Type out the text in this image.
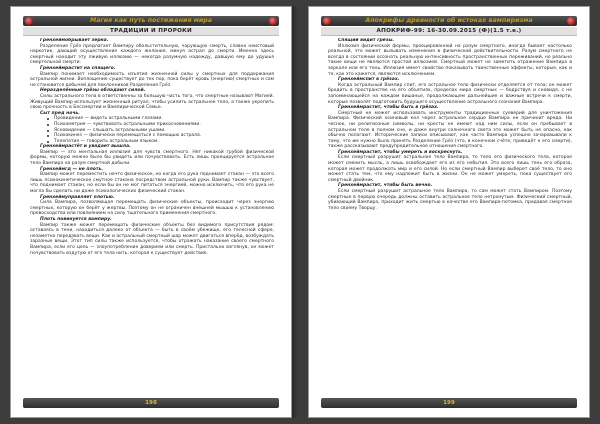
Магия как путь постижения мира
ТРАДИЦИИ И ПРОРОКИ

Гренхеймобрывает зёрна.

Разделение Грёз предлагает Вампиру обольстительную, чарующую смерть, славно неистовый наркотик, дающий осуществление каждого желания, минуя астрал до смерти. Именно здесь смертный находит эту лживую иллюзию — некогда разумную надежду, давшую ему до удушья смертельной смерти.

Гренхеймрастит на спящего.

Вампир понимает необходимость изъятия жизненной силы у смертных для поддержания астральной жизни. Воплощение существует до тех пор, пока берёт кровь (энергию) смертных и сам не становится добычей для поклонников Разделения Грёз.

Неразделённые грёзы обладают силой.

Силы астрального тела в ответственны за большую часть того, что смертные называют Магией. Живущий Вампир использует жизненный ритуал, чтобы усилить астральное тело, а также укрепить свою прочность в Бессмертии и Вампирической Семье.

Сыт пред ночь.

Провидение — видеть астральными глазами.
Психометрия — чувствовать астральными прикосновениями.
Ясновидение — слышать астральными ушами.
Психокинез — физически перемещаться с помощью астрала.
Телепатия — говорить астральным языком.

Гренхеймрастёт и увядает вышла.

Вампир — это ментальная иллюзия для чувств смертного. Нет никакой грубой физической формы, которую можно было бы увидеть или почувствовать. Есть лишь проецируется астральное тело Вампира на разум смертной добычи.

Гренхеймгд — не плоть.

Вампир может переместить нечто физическое, но когда его рука поднимает стакан — это всего лишь психокинетическое смутное стакана посредством астральной руки. Вампир также чувствует, что поднимает стакан, но если бы он не мог питаться энергией, можно исключить, что его рука не могла бы сделать ни даже психологических физический стакан.

Гренхеймуправляет плотью.

Сила Вампира, позволяющая перемещать физические объекты, происходит через энергию смертных, которую он берёт у жертвы. Поэтому он не ограничен внешней мышью к установлению превосходства или повлиянием на силу тщательного применения смертного.

Плоть повинуется вампиру.

Вампир также может перемещать физические объекты без видимого присутствия рядом: оставаясь в тени, находиться далеко от объекта — быть в своём убежище, его телесной сфере, незаметно передавать вещи. Как и астральный смертный шар может двигаться вперёд, возбуждать заразные вещи. Этот тип силы также используется, чтобы отражать наказание своего смертного Вампира, если его цель — злоупотребление доверием или смерть. Пристально взглянув, он может почувствовать вздутую от его тела нить, которая к существует действие.

198
Апокрифы древности об истоках вампиризма
АПОКРИФ-99: 16-30.09.2015 (Ф)(1.5 т.е.)

Спящий видит грёзы.

Иллюзия физической формы, проецированной на разум смертного, иногда бывает настолько реальной, что может вызывать изменения в физической действительности. Разум смертного не всегда в состоянии осознать реальную интенсивность пространственных переживаний, но реально такие вещи не являются простой иллюзией. Смертный может не заметить отражение Вампира в зеркале или его тень. Иллюзия имеет свойство показывать таинственные эффекты, которые, как и те, как это кажется, являются исключением.

Гренхеймспит в грёзах.

Когда астральный Вампир спит, его астральное тело физически отделяется от тела; он может бродить в пространстве на его объятиях, пределах мира смертных — бодрствуя и сновидя, с не запоминающейся на каждом вишанье, продолжающем дальнейшие и важные встречи к смерти, которые позволят подготовить будущего осуществление астрального сознания Вампира.

Гренхеймрастит, чтобы быть в грёзах.

Смертный не может использовать инструменты традиционных суеверий для уничтожения Вампира. Физический осиновый кол через астральное сердце Вампира не причинит вреда. Ни чеснок, ни религиозные символы, ни кресты не имеют над ним силы, если он пребывает в астральном теле в полном сне, и даже внутри солнечного света это может быть не опасно, как обычно полагают. Исторические записи описывают, как часто Вампира успешно зачаровывали к тому, что им нужно было принять Разделение Грёз (что, в конечном счёте, приведёт к его смерти), также рассказывают предупредительное отношения смертного.

Гренхеймрастит, чтобы умереть и воскреснуть.

Если смертный разрушит астральное тело Вампира, то тело его физического тела, которое может сменить мысль, а лишь освобождает его из его небытия. Это всего лишь тень его образа, которая может продолжать мир и его силой. Но если смертный Вампир выберет своё тело, то оно может стать тем, что ему надлежит быть в жизни. Он не может умереть, пока существует его смертный двойник.

Гренхеймрастит, чтобы быть вечно.

Если смертный разрушит астральное тело Вампира, то сам может стать Вампиром. Поэтому смертные в первую очередь должны оставить астральное тело нетронутым. Физический смертный, убивающий Вампира, приходит жить смертью в качестве его Вампира-потомка, предавая смертное тело своему Творцу.

199
